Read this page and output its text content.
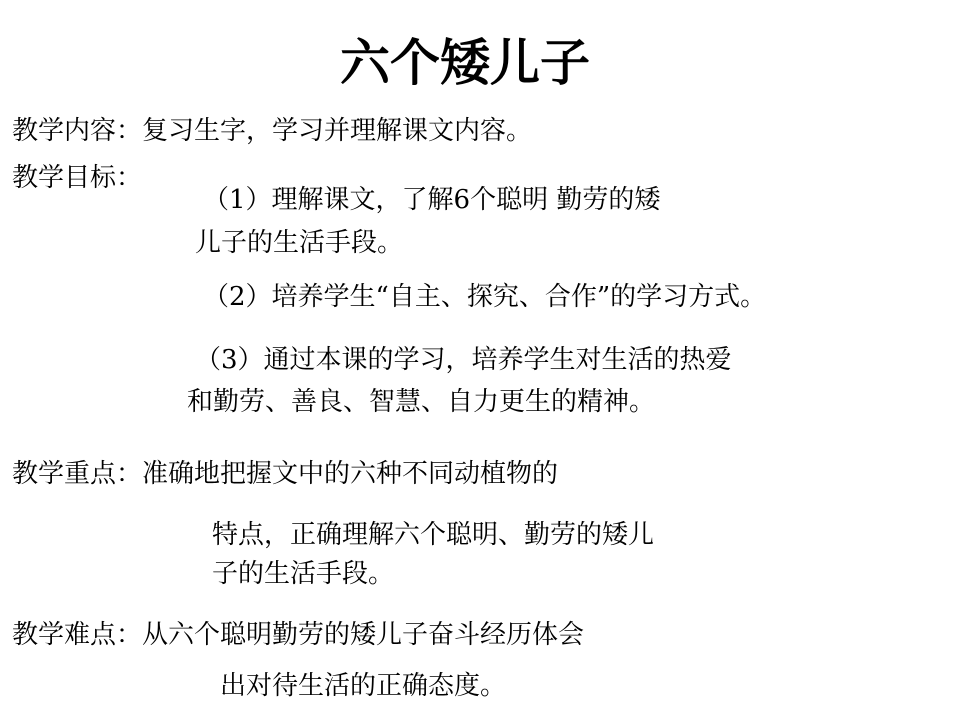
六个矮儿子
教学内容：复习生字，学习并理解课文内容。
教学目标：
（1）理解课文，了解6个聪明 勤劳的矮
儿子的生活手段。
（2）培养学生“自主、探究、合作”的学习方式。
（3）通过本课的学习，培养学生对生活的热爱
和勤劳、善良、智慧、自力更生的精神。
教学重点：准确地把握文中的六种不同动植物的
特点，正确理解六个聪明、勤劳的矮儿
子的生活手段。
教学难点：从六个聪明勤劳的矮儿子奋斗经历体会
出对待生活的正确态度。
